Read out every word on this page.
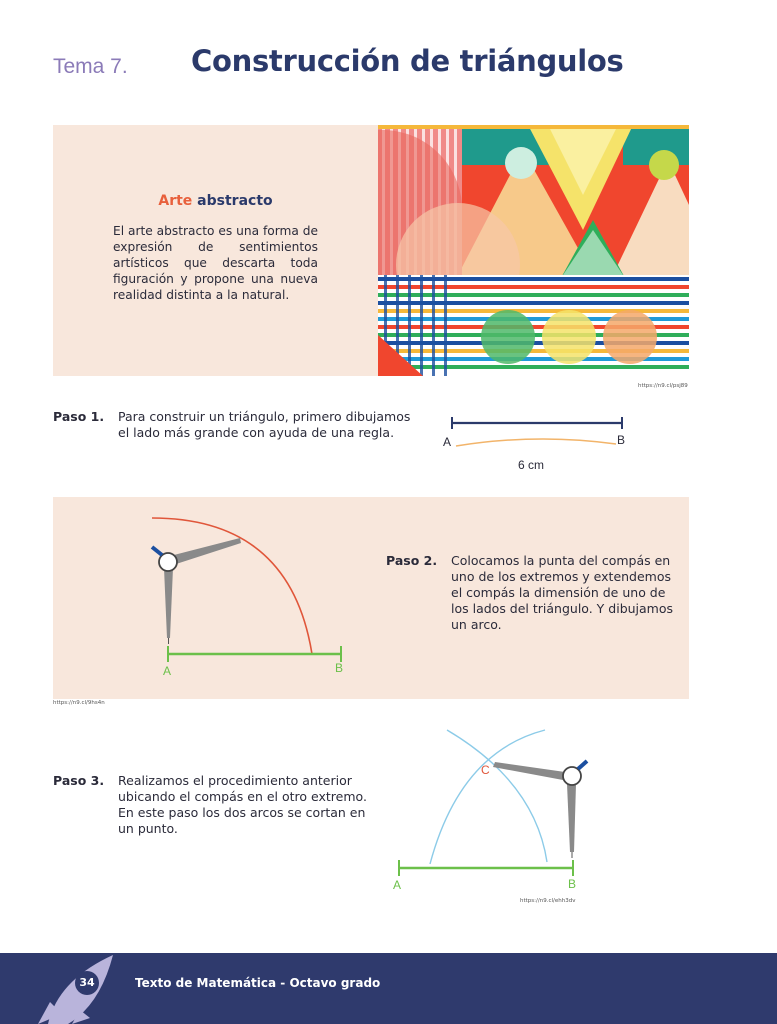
Tema 7. Construcción de triángulos
Arte abstracto
El arte abstracto es una forma de expresión de sentimientos artísticos que descarta toda figuración y propone una nueva realidad distinta a la natural.
https://n9.cl/psj89
Paso 1. Para construir un triángulo, primero dibujamos el lado más grande con ayuda de una regla.
A	B
6 cm
A	B
Paso 2. Colocamos la punta del compás en uno de los extremos y extendemos el compás la dimensión de uno de los lados del triángulo. Y dibujamos un arco.
https://n9.cl/9hs4n
Paso 3. Realizamos el procedimiento anterior ubicando el compás en el otro extremo. En este paso los dos arcos se cortan en un punto.
C
A	B
https://n9.cl/ehh3dv
34	Texto de Matemática - Octavo grado
